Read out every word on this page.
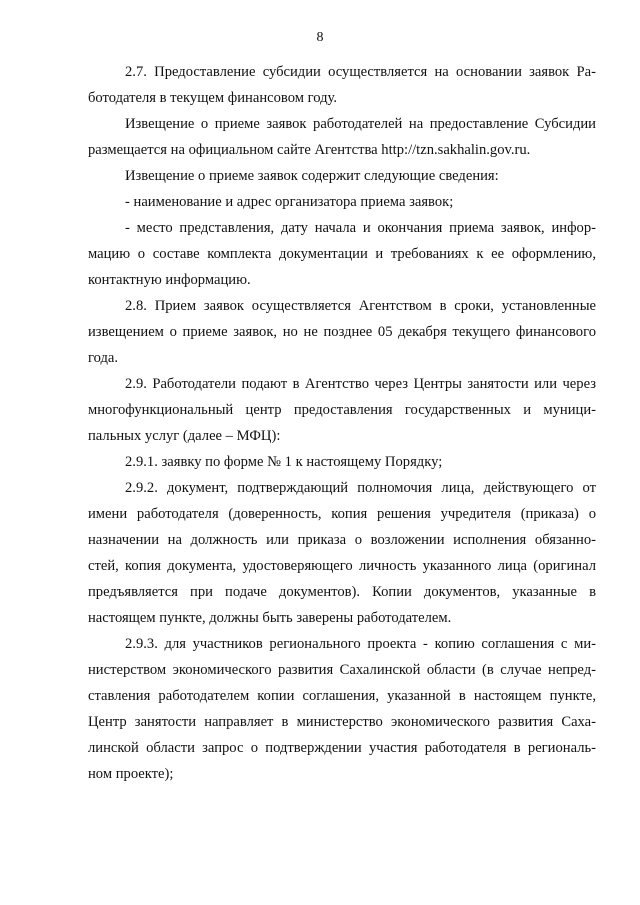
8
2.7. Предоставление субсидии осуществляется на основании заявок Ра-
ботодателя в текущем финансовом году.
Извещение о приеме заявок работодателей на предоставление Субсидии
размещается на официальном сайте Агентства http://tzn.sakhalin.gov.ru.
Извещение о приеме заявок содержит следующие сведения:
- наименование и адрес организатора приема заявок;
- место представления, дату начала и окончания приема заявок, инфор-
мацию о составе комплекта документации и требованиях к ее оформлению,
контактную информацию.
2.8. Прием заявок осуществляется Агентством в сроки, установленные
извещением о приеме заявок, но не позднее 05 декабря текущего финансового
года.
2.9. Работодатели подают в Агентство через Центры занятости или через
многофункциональный центр предоставления государственных и муници-
пальных услуг (далее – МФЦ):
2.9.1. заявку по форме № 1 к настоящему Порядку;
2.9.2. документ, подтверждающий полномочия лица, действующего от
имени работодателя (доверенность, копия решения учредителя (приказа) о
назначении на должность или приказа о возложении исполнения обязанно-
стей, копия документа, удостоверяющего личность указанного лица (оригинал
предъявляется при подаче документов). Копии документов, указанные в
настоящем пункте, должны быть заверены работодателем.
2.9.3. для участников регионального проекта - копию соглашения с ми-
нистерством экономического развития Сахалинской области (в случае непред-
ставления работодателем копии соглашения, указанной в настоящем пункте,
Центр занятости направляет в министерство экономического развития Саха-
линской области запрос о подтверждении участия работодателя в региональ-
ном проекте);
